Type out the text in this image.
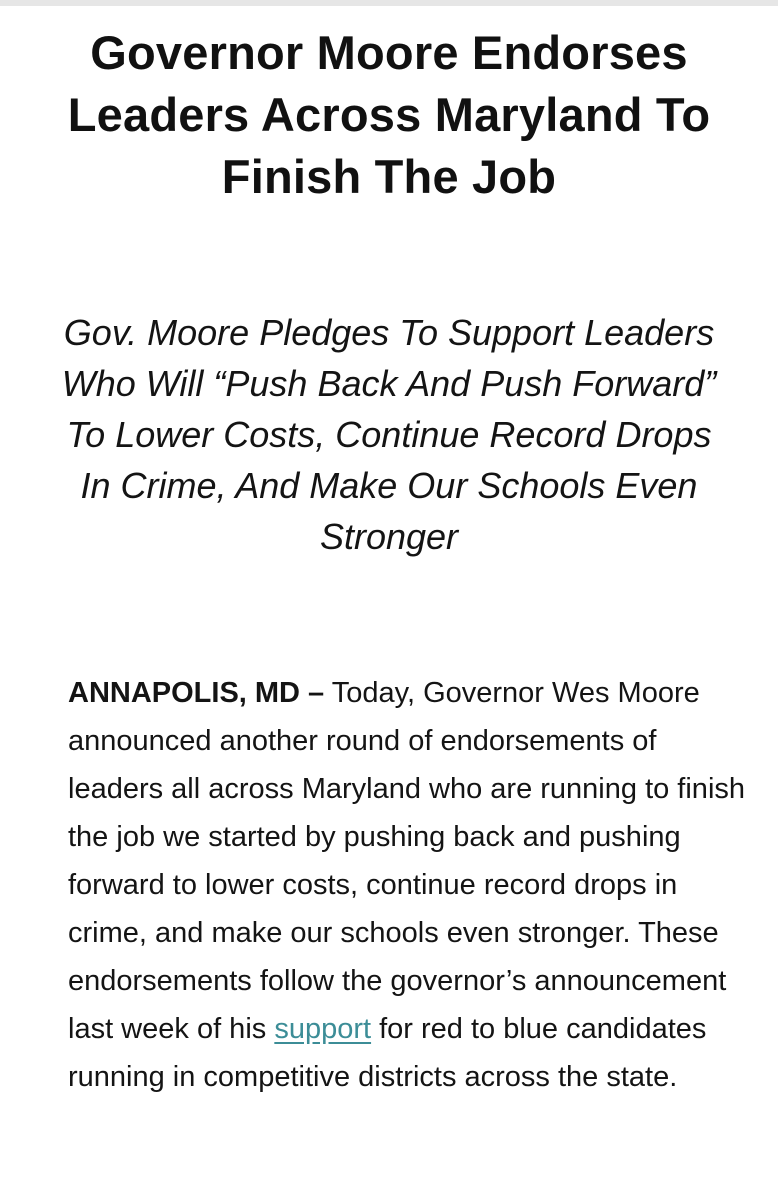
Governor Moore Endorses Leaders Across Maryland To Finish The Job
Gov. Moore Pledges To Support Leaders Who Will “Push Back And Push Forward” To Lower Costs, Continue Record Drops In Crime, And Make Our Schools Even Stronger

ANNAPOLIS, MD – Today, Governor Wes Moore announced another round of endorsements of leaders all across Maryland who are running to finish the job we started by pushing back and pushing forward to lower costs, continue record drops in crime, and make our schools even stronger. These endorsements follow the governor’s announcement last week of his support for red to blue candidates running in competitive districts across the state.
